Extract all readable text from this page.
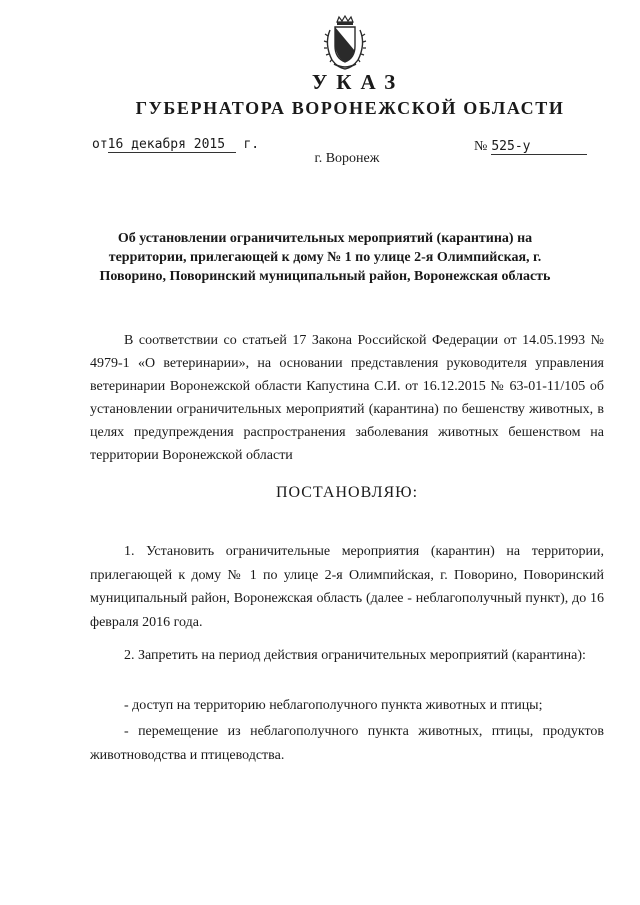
УКАЗ
ГУБЕРНАТОРА ВОРОНЕЖСКОЙ ОБЛАСТИ
от16 декабря 2015 г.	№ 525-у
г. Воронеж
Об установлении ограничительных мероприятий (карантина) на территории, прилегающей к дому № 1 по улице 2-я Олимпийская, г. Поворино, Поворинский муниципальный район, Воронежская область
В соответствии со статьей 17 Закона Российской Федерации от 14.05.1993 № 4979-1 «О ветеринарии», на основании представления руководителя управления ветеринарии Воронежской области Капустина С.И. от 16.12.2015 № 63-01-11/105 об установлении ограничительных мероприятий (карантина) по бешенству животных, в целях предупреждения распространения заболевания животных бешенством на территории Воронежской области
ПОСТАНОВЛЯЮ:
1. Установить ограничительные мероприятия (карантин) на территории, прилегающей к дому № 1 по улице 2-я Олимпийская, г. Поворино, Поворинский муниципальный район, Воронежская область (далее - неблагополучный пункт), до 16 февраля 2016 года.
2. Запретить на период действия ограничительных мероприятий (карантина):
- доступ на территорию неблагополучного пункта животных и птицы;
- перемещение из неблагополучного пункта животных, птицы, продуктов животноводства и птицеводства.
